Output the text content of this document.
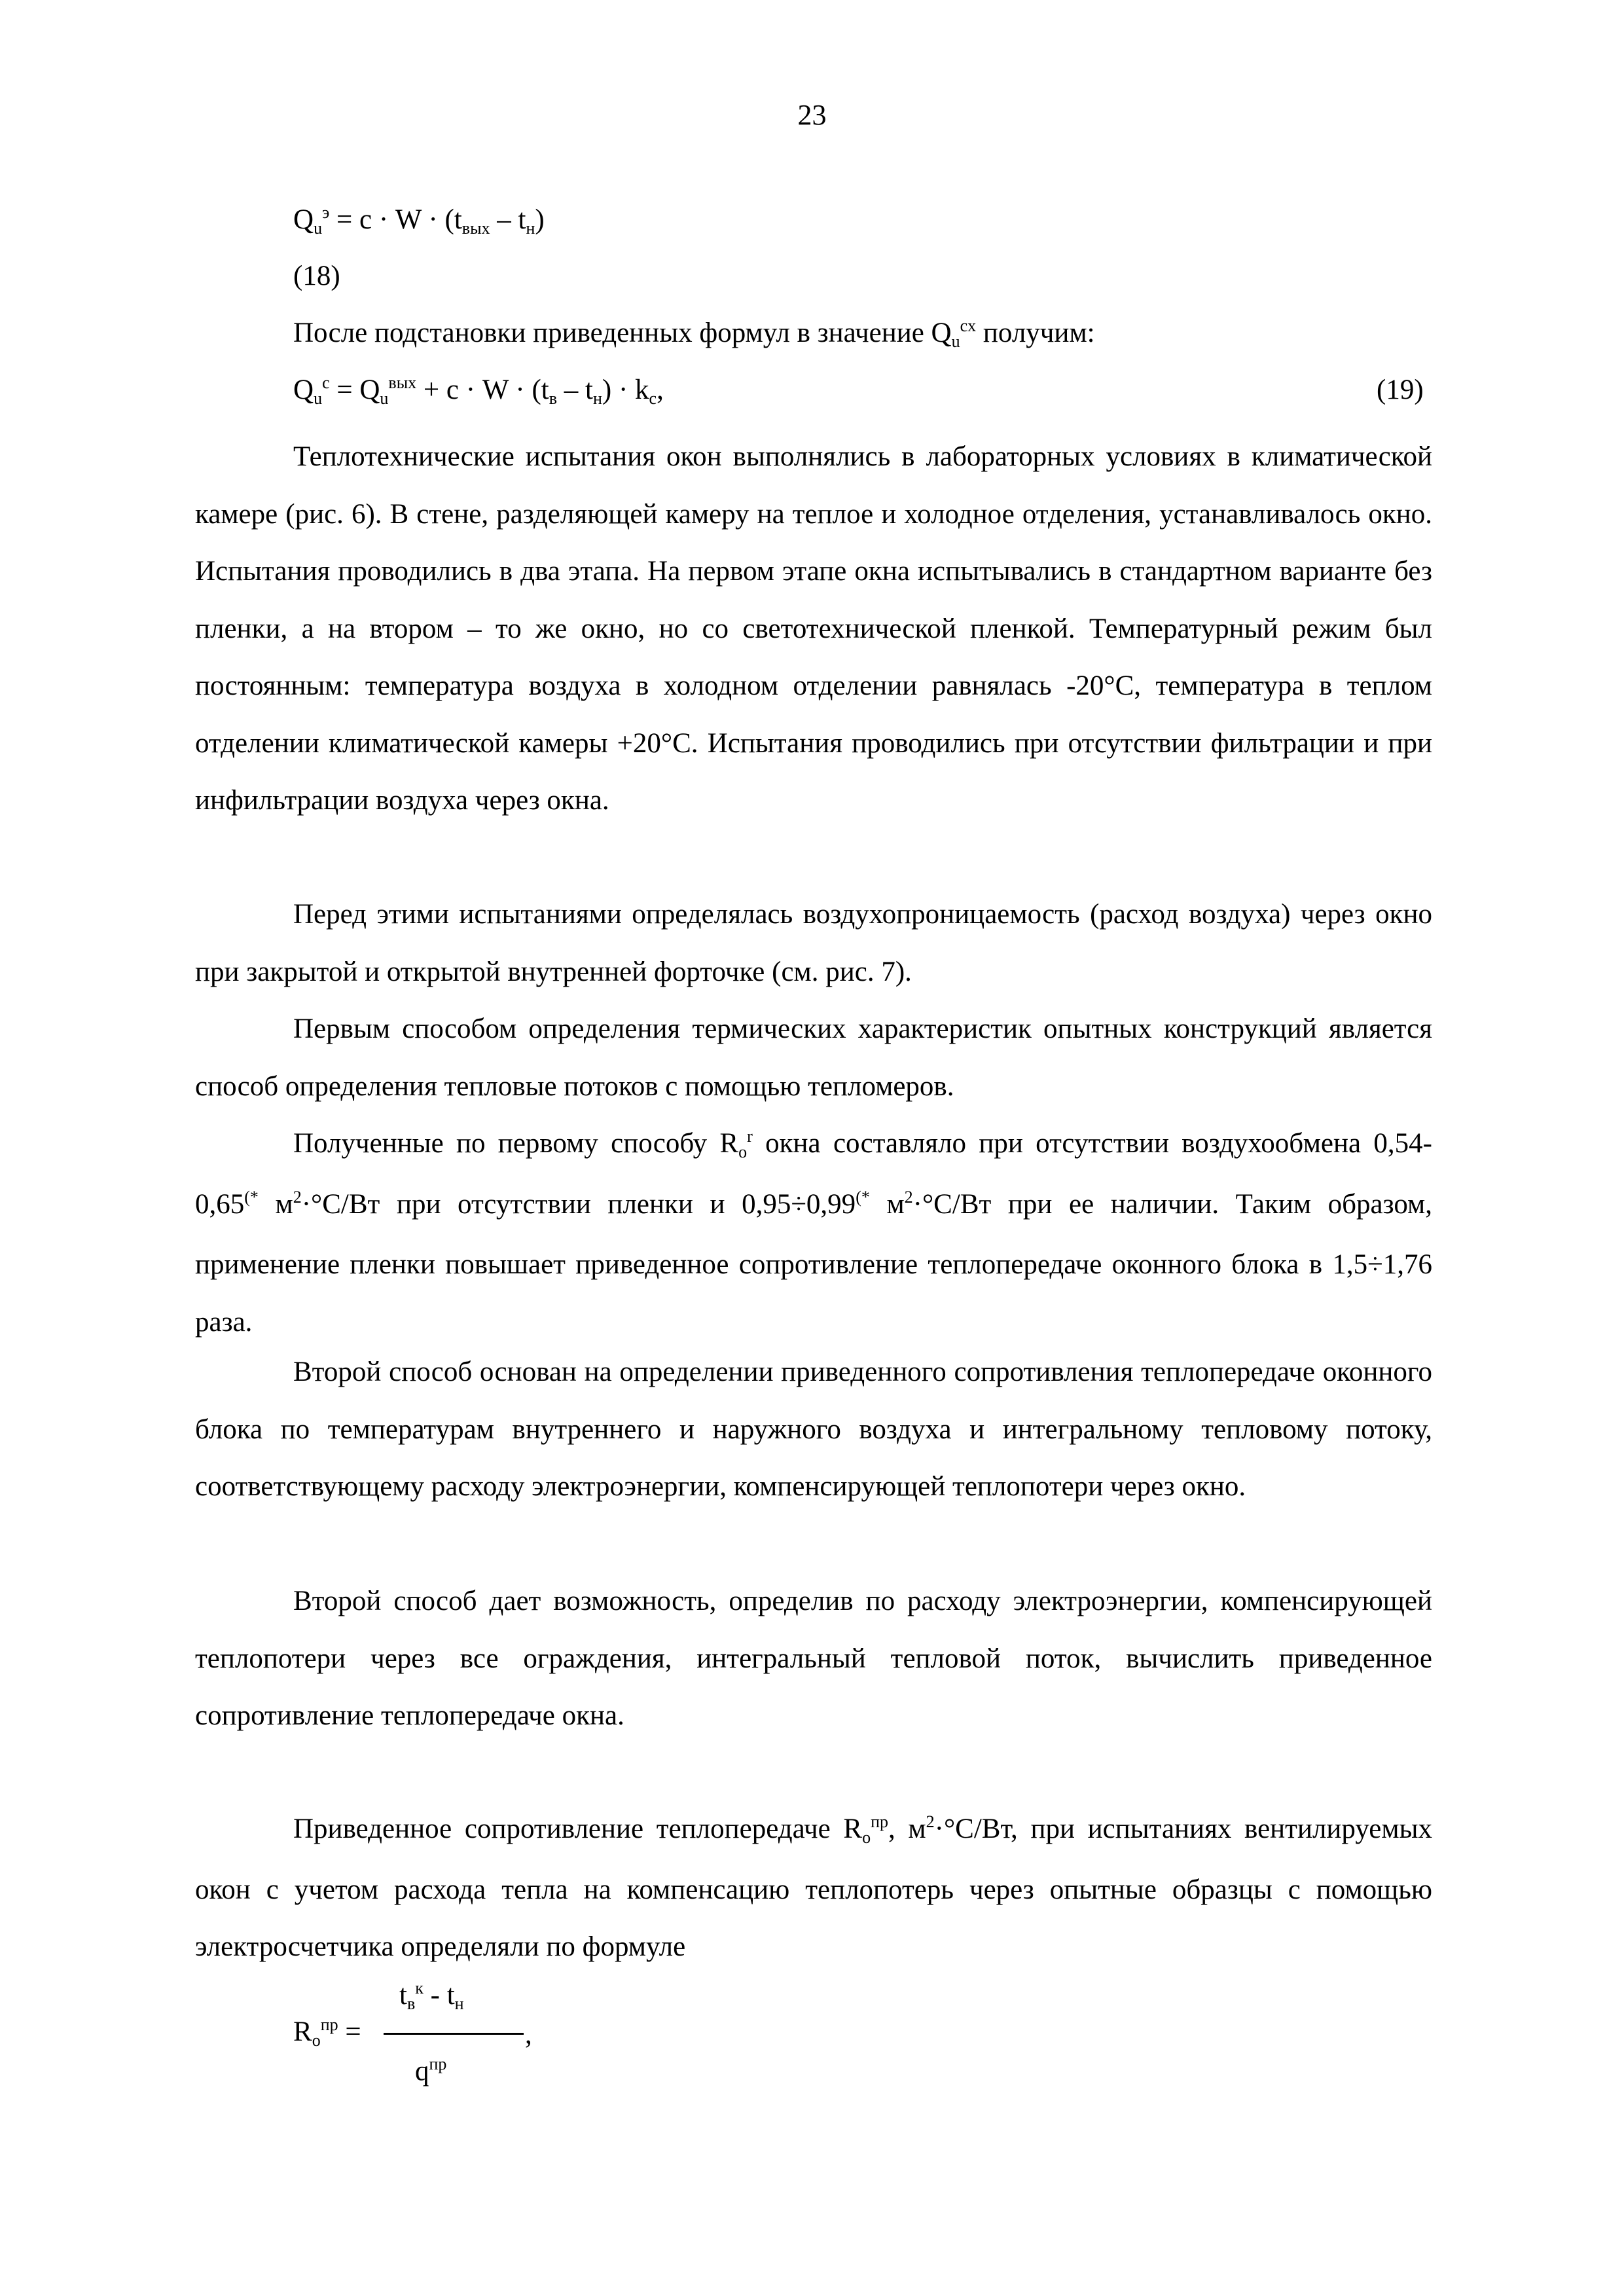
23
$Q_u^э = с \cdot W \cdot (t_{вых} - t_н)$
(18)
После подстановки приведенных формул в значение $Q_u^{cx}$ получим:
$Q_u^c = Q_u^{вых} + с \cdot W \cdot (t_в - t_н) \cdot k_c$,	(19)
Теплотехнические испытания окон выполнялись в лабораторных условиях в климатической камере (рис. 6). В стене, разделяющей камеру на теплое и холодное отделения, устанавливалось окно. Испытания проводились в два этапа. На первом этапе окна испытывались в стандартном варианте без пленки, а на втором – то же окно, но со светотехнической пленкой. Температурный режим был постоянным: температура воздуха в холодном отделении равнялась -20°С, температура в теплом отделении климатической камеры +20°С. Испытания проводились при отсутствии фильтрации и при инфильтрации воздуха через окна.
Перед этими испытаниями определялась воздухопроницаемость (расход воздуха) через окно при закрытой и открытой внутренней форточке (см. рис. 7).
Первым способом определения термических характеристик опытных конструкций является способ определения тепловые потоков с помощью тепломеров.
Полученные по первому способу $R_о^r$ окна составляло при отсутствии воздухообмена 0,54-0,65(* $м^2\cdot^\circ С/Вт$ при отсутствии пленки и 0,95÷0,99(* $м^2\cdot^\circ С/Вт$ при ее наличии. Таким образом, применение пленки повышает приведенное сопротивление теплопередаче оконного блока в 1,5÷1,76 раза.
Второй способ основан на определении приведенного сопротивления теплопередаче оконного блока по температурам внутреннего и наружного воздуха и интегральному тепловому потоку, соответствующему расходу электроэнергии, компенсирующей теплопотери через окно.
Второй способ дает возможность, определив по расходу электроэнергии, компенсирующей теплопотери через все ограждения, интегральный тепловой поток, вычислить приведенное сопротивление теплопередаче окна.
Приведенное сопротивление теплопередаче $R_о^{пр}$, $м^2\cdot^\circ С/Вт$, при испытаниях вентилируемых окон с учетом расхода тепла на компенсацию теплопотерь через опытные образцы с помощью электросчетчика определяли по формуле
$t_в^к - t_н$
$R_о^{пр}$ =	,
$q^{пр}$
